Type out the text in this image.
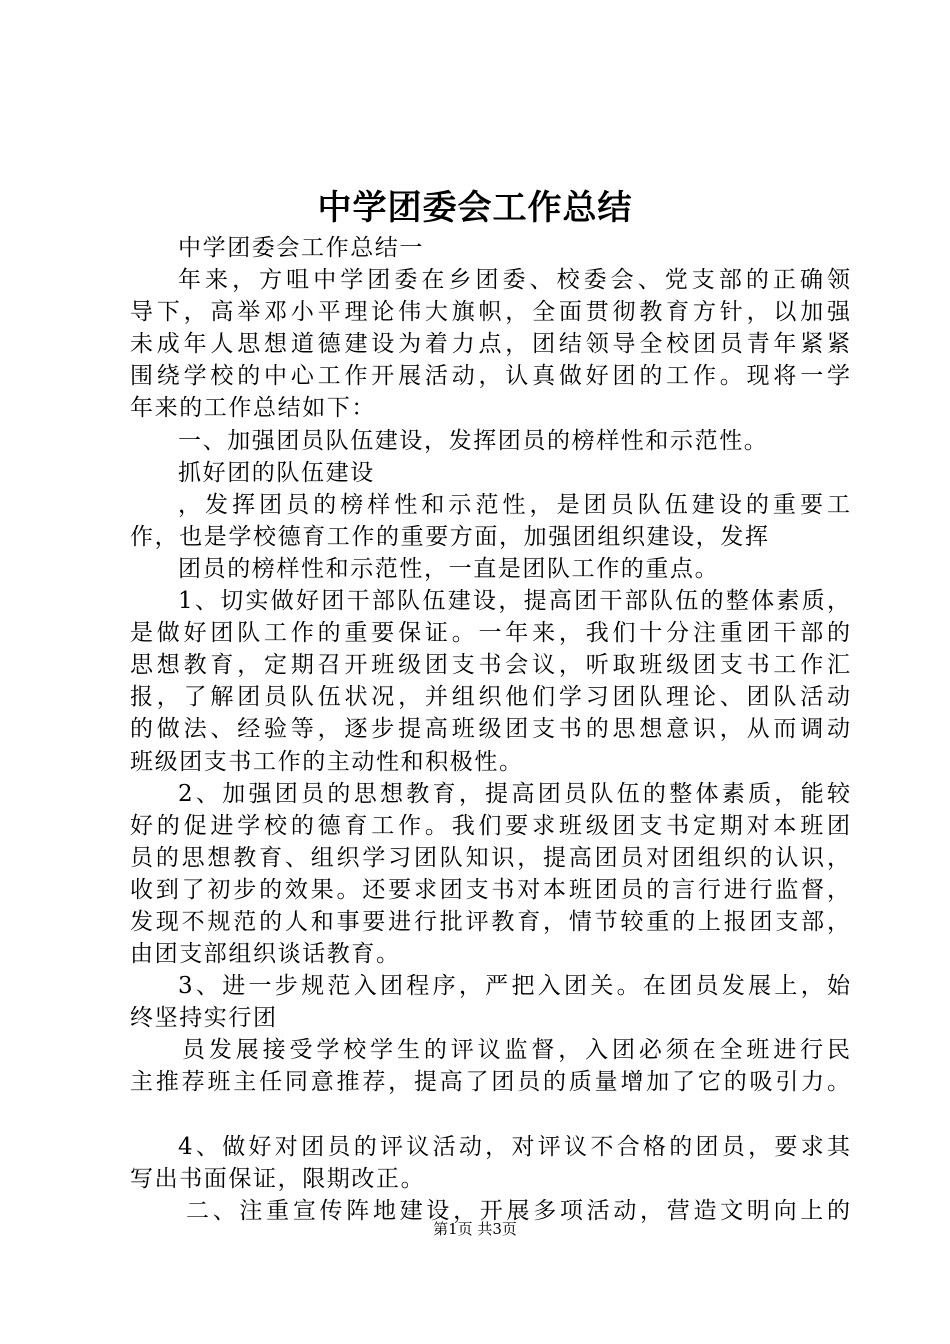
中学团委会工作总结
中学团委会工作总结一
年来，方咀中学团委在乡团委、校委会、党支部的正确领
导下，高举邓小平理论伟大旗帜，全面贯彻教育方针，以加强
未成年人思想道德建设为着力点，团结领导全校团员青年紧紧
围绕学校的中心工作开展活动，认真做好团的工作。现将一学
年来的工作总结如下：
一、加强团员队伍建设，发挥团员的榜样性和示范性。
抓好团的队伍建设
，发挥团员的榜样性和示范性，是团员队伍建设的重要工
作，也是学校德育工作的重要方面，加强团组织建设，发挥
团员的榜样性和示范性，一直是团队工作的重点。
1、切实做好团干部队伍建设，提高团干部队伍的整体素质，
是做好团队工作的重要保证。一年来，我们十分注重团干部的
思想教育，定期召开班级团支书会议，听取班级团支书工作汇
报，了解团员队伍状况，并组织他们学习团队理论、团队活动
的做法、经验等，逐步提高班级团支书的思想意识，从而调动
班级团支书工作的主动性和积极性。
2、加强团员的思想教育，提高团员队伍的整体素质，能较
好的促进学校的德育工作。我们要求班级团支书定期对本班团
员的思想教育、组织学习团队知识，提高团员对团组织的认识，
收到了初步的效果。还要求团支书对本班团员的言行进行监督，
发现不规范的人和事要进行批评教育，情节较重的上报团支部，
由团支部组织谈话教育。
3、进一步规范入团程序，严把入团关。在团员发展上，始
终坚持实行团
员发展接受学校学生的评议监督，入团必须在全班进行民
主推荐班主任同意推荐，提高了团员的质量增加了它的吸引力。
4、做好对团员的评议活动，对评议不合格的团员，要求其
写出书面保证，限期改正。
二、注重宣传阵地建设，开展多项活动，营造文明向上的
第1页 共3页
